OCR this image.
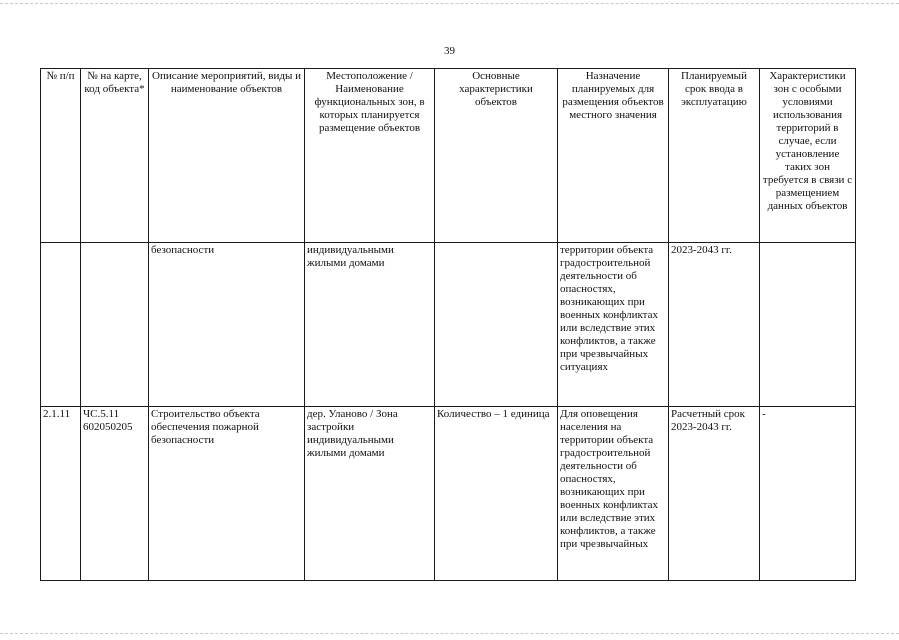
39
№ п/п	№ на карте, код объекта*	Описание мероприятий, виды и наименование объектов	Местоположение / Наименование функциональных зон, в которых планируется размещение объектов	Основные характеристики объектов	Назначение планируемых для размещения объектов местного значения	Планируемый срок ввода в эксплуатацию	Характеристики зон с особыми условиями использования территорий в случае, если установление таких зон требуется в связи с размещением данных объектов
		безопасности	индивидуальными жилыми домами		территории объекта градостроительной деятельности об опасностях, возникающих при военных конфликтах или вследствие этих конфликтов, а также при чрезвычайных ситуациях	2023-2043 гг.	
2.1.11	ЧС.5.11 602050205	Строительство объекта обеспечения пожарной безопасности	дер. Уланово / Зона застройки индивидуальными жилыми домами	Количество – 1 единица	Для оповещения населения на территории объекта градостроительной деятельности об опасностях, возникающих при военных конфликтах или вследствие этих конфликтов, а также при чрезвычайных	Расчетный срок 2023-2043 гг.	-
